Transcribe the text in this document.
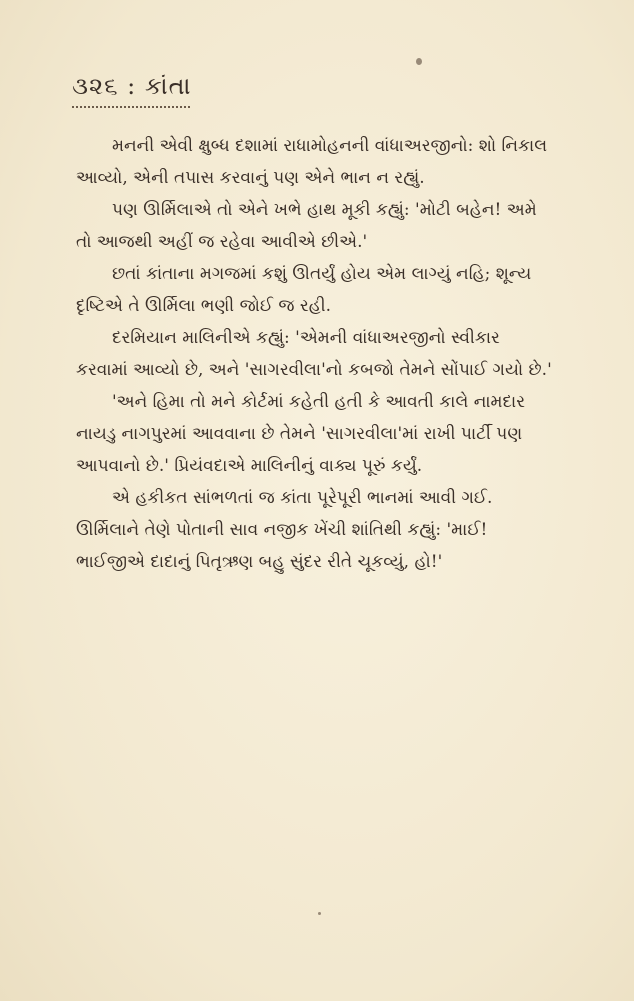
૩૨૬ : કાંતા

મનની એવી ક્ષુબ્ધ દશામાં રાધામોહનની વાંધાઅરજીનો: શો નિકાલ આવ્યો, એની તપાસ કરવાનું પણ એને ભાન ન રહ્યું.

પણ ઊર્મિલાએ તો એને ખભે હાથ મૂકી કહ્યું: 'મોટી બહેન! અમે તો આજથી અહીં જ રહેવા આવીએ છીએ.'

છતાં કાંતાના મગજમાં કશું ઊતર્યું હોય એમ લાગ્યું નહિ; શૂન્ય દૃષ્ટિએ તે ઊર્મિલા ભણી જોઈ જ રહી.

દરમિયાન માલિનીએ કહ્યું: 'એમની વાંધાઅરજીનો સ્વીકાર કરવામાં આવ્યો છે, અને 'સાગરવીલા'નો કબજો તેમને સોંપાઈ ગયો છે.'

'અને હિમા તો મને કોર્ટમાં કહેતી હતી કે આવતી કાલે નામદાર નાયડુ નાગપુરમાં આવવાના છે તેમને 'સાગરવીલા'માં રાખી પાર્ટી પણ આપવાનો છે.' પ્રિયંવદાએ માલિનીનું વાક્ય પૂરું કર્યું.

એ હકીકત સાંભળતાં જ કાંતા પૂરેપૂરી ભાનમાં આવી ગઈ. ઊર્મિલાને તેણે પોતાની સાવ નજીક ખેંચી શાંતિથી કહ્યું: 'માઈ! ભાઈજીએ દાદાનું પિતૃઋણ બહુ સુંદર રીતે ચૂકવ્યું, હો!'
